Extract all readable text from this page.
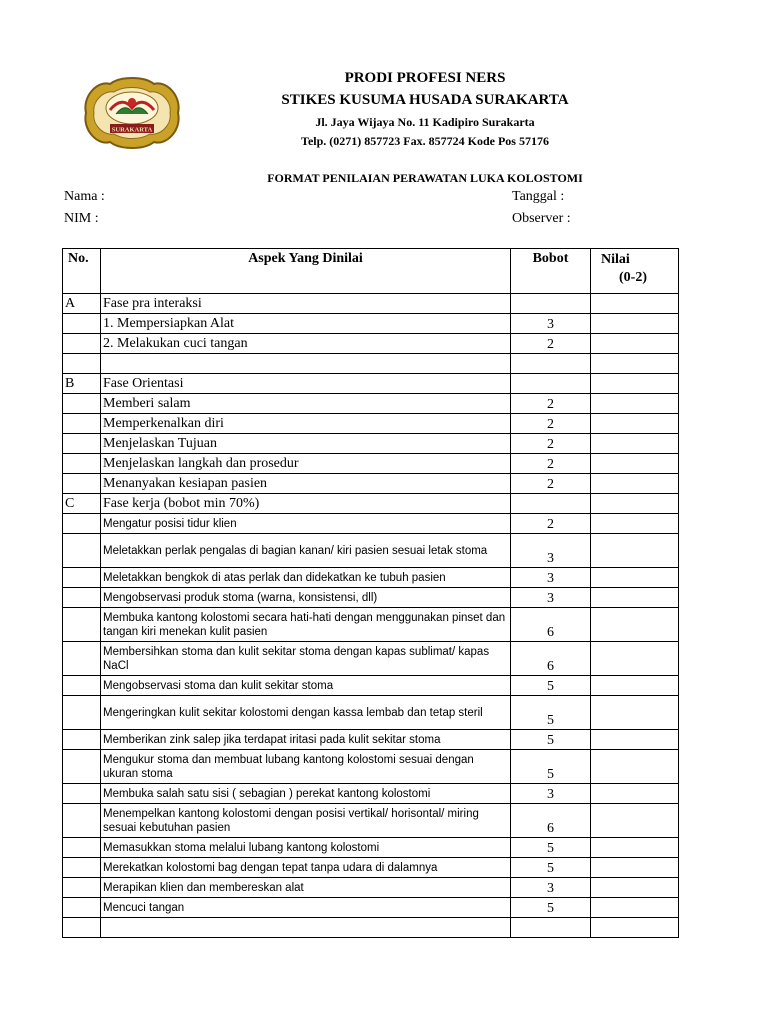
SURAKARTA
PRODI PROFESI NERS
STIKES KUSUMA HUSADA SURAKARTA
Jl. Jaya Wijaya No. 11 Kadipiro Surakarta
Telp. (0271) 857723 Fax. 857724 Kode Pos 57176
FORMAT PENILAIAN PERAWATAN LUKA KOLOSTOMI
Nama :
NIM :
Tanggal :
Observer :
No.	Aspek Yang Dinilai	Bobot	Nilai
(0-2)

A	Fase pra interaksi		
	1. Mempersiapkan Alat	3	
	2. Melakukan cuci tangan	2	

B	Fase Orientasi		
	Memberi salam	2	
	Memperkenalkan diri	2	
	Menjelaskan Tujuan	2	
	Menjelaskan langkah dan prosedur	2	
	Menanyakan kesiapan pasien	2	
C	Fase kerja (bobot min 70%)		
	Mengatur posisi tidur klien	2	
	Meletakkan perlak pengalas di bagian kanan/ kiri pasien sesuai letak stoma	3	
	Meletakkan bengkok di atas perlak dan didekatkan ke tubuh pasien	3	
	Mengobservasi produk stoma (warna, konsistensi, dll)	3	
	Membuka kantong kolostomi secara hati-hati dengan menggunakan pinset dan tangan kiri menekan kulit pasien	6	
	Membersihkan stoma dan kulit sekitar stoma dengan kapas sublimat/ kapas NaCl	6	
	Mengobservasi stoma dan kulit sekitar stoma	5	
	Mengeringkan kulit sekitar kolostomi dengan kassa lembab dan tetap steril	5	
	Memberikan zink salep jika terdapat iritasi pada kulit sekitar stoma	5	
	Mengukur stoma dan membuat lubang kantong kolostomi sesuai dengan ukuran stoma	5	
	Membuka salah satu sisi ( sebagian ) perekat kantong kolostomi	3	
	Menempelkan kantong kolostomi dengan posisi vertikal/ horisontal/ miring sesuai kebutuhan pasien	6	
	Memasukkan stoma melalui lubang kantong kolostomi	5	
	Merekatkan kolostomi bag dengan tepat tanpa udara di dalamnya	5	
	Merapikan klien dan membereskan alat	3	
	Mencuci tangan	5	
